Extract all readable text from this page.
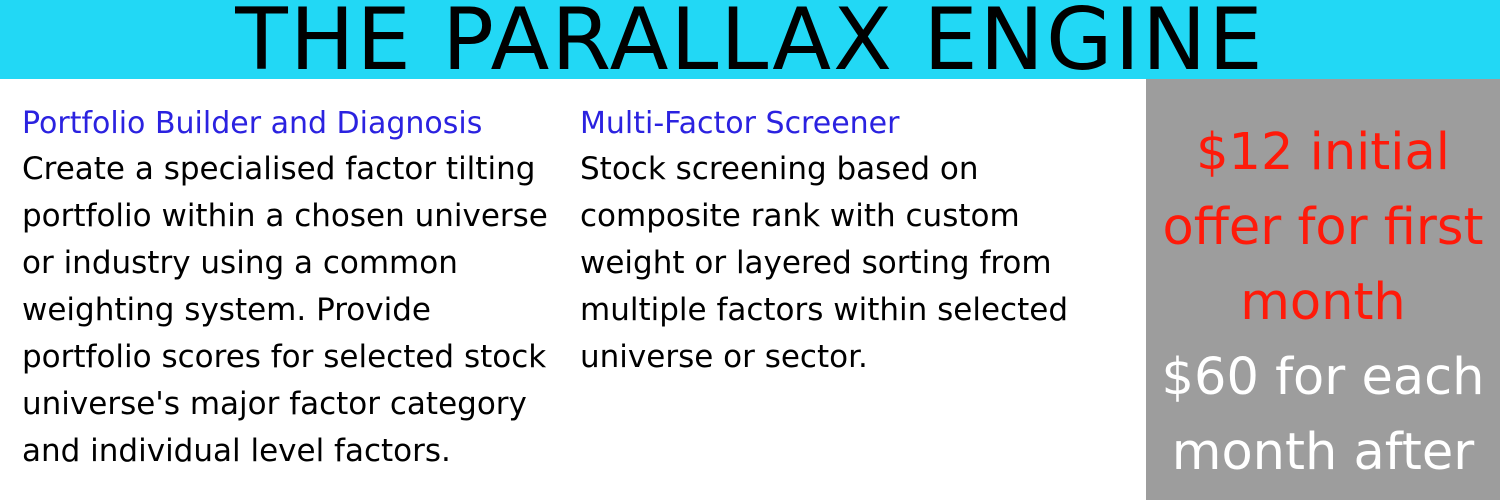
THE PARALLAX ENGINE
Portfolio Builder and Diagnosis
Create a specialised factor tilting portfolio within a chosen universe or industry using a common weighting system. Provide portfolio scores for selected stock universe's major factor category and individual level factors.
Multi-Factor Screener
Stock screening based on composite rank with custom weight or layered sorting from multiple factors within selected universe or sector.
$12 initial
offer for first
month
$60 for each
month after
